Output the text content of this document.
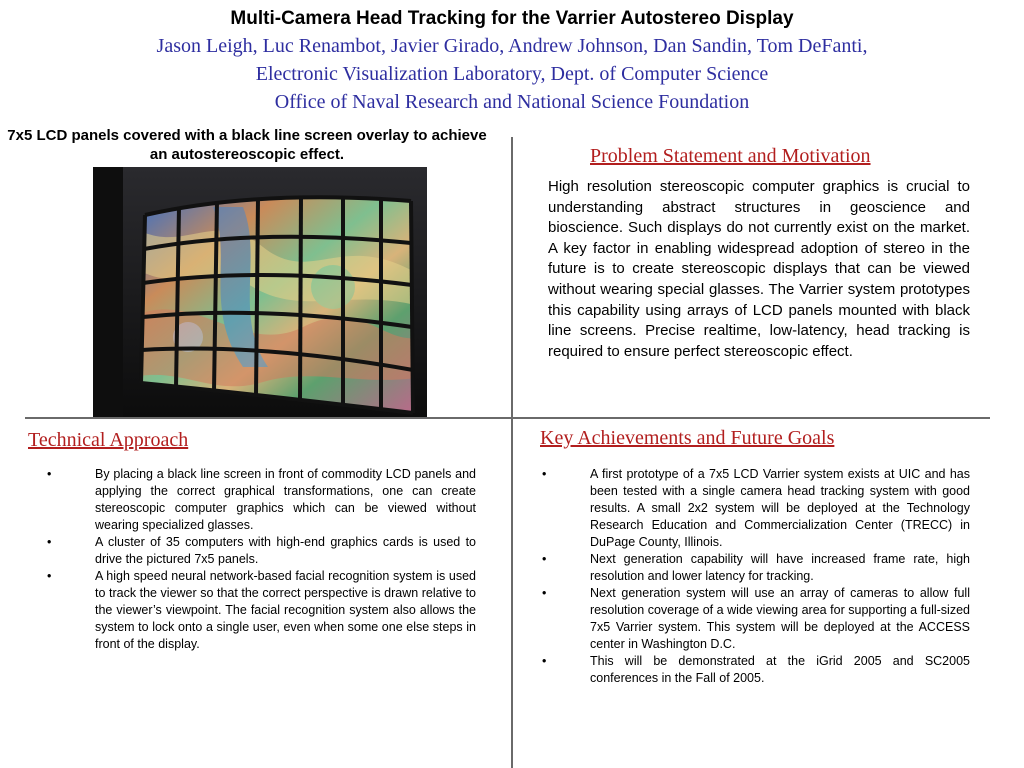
Multi-Camera Head Tracking for the Varrier Autostereo Display
Jason Leigh, Luc Renambot, Javier Girado, Andrew Johnson, Dan Sandin, Tom DeFanti,
Electronic Visualization Laboratory, Dept. of Computer Science
Office of Naval Research and National Science Foundation
7x5 LCD panels covered with a black line screen overlay to achieve an autostereoscopic effect.	Problem Statement and Motivation
High resolution stereoscopic computer graphics is crucial to understanding abstract structures in geoscience and bioscience. Such displays do not currently exist on the market. A key factor in enabling widespread adoption of stereo in the future is to create stereoscopic displays that can be viewed without wearing special glasses. The Varrier system prototypes this capability using arrays of LCD panels mounted with black line screens. Precise realtime, low-latency, head tracking is required to ensure perfect stereoscopic effect.
Technical Approach
•	By placing a black line screen in front of commodity LCD panels and applying the correct graphical transformations, one can create stereoscopic computer graphics which can be viewed without wearing specialized glasses.
•	A cluster of 35 computers with high-end graphics cards is used to drive the pictured 7x5 panels.
•	A high speed neural network-based facial recognition system is used to track the viewer so that the correct perspective is drawn relative to the viewer’s viewpoint. The facial recognition system also allows the system to lock onto a single user, even when some one else steps in front of the display.
Key Achievements and Future Goals
•	A first prototype of a 7x5 LCD Varrier system exists at UIC and has been tested with a single camera head tracking system with good results. A small 2x2 system will be deployed at the Technology Research Education and Commercialization Center (TRECC) in DuPage County, Illinois.
•	Next generation capability will have increased frame rate, high resolution and lower latency for tracking.
•	Next generation system will use an array of cameras to allow full resolution coverage of a wide viewing area for supporting a full-sized 7x5 Varrier system. This system will be deployed at the ACCESS center in Washington D.C.
•	This will be demonstrated at the iGrid 2005 and SC2005 conferences in the Fall of 2005.
